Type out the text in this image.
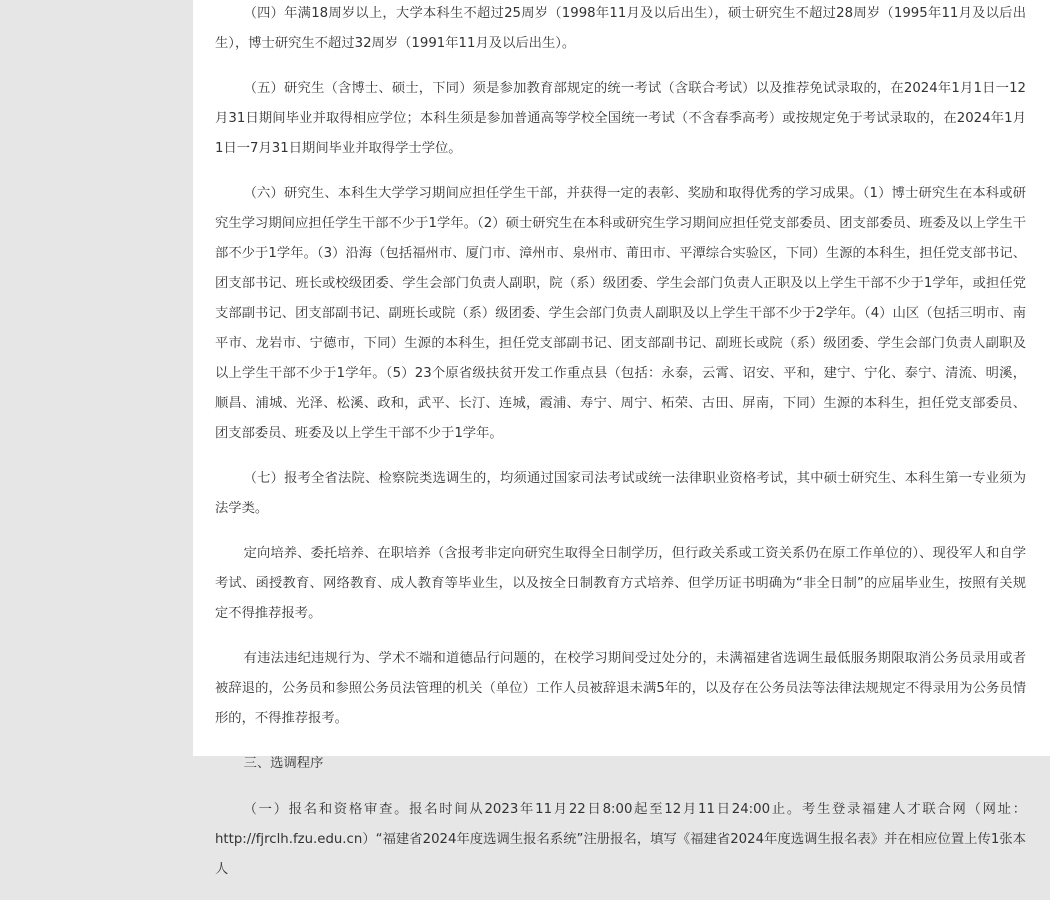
（四）年满18周岁以上，大学本科生不超过25周岁（1998年11月及以后出生），硕士研究生不超过28周岁（1995年11月及以后出生），博士研究生不超过32周岁（1991年11月及以后出生）。

（五）研究生（含博士、硕士，下同）须是参加教育部规定的统一考试（含联合考试）以及推荐免试录取的，在2024年1月1日一12月31日期间毕业并取得相应学位；本科生须是参加普通高等学校全国统一考试（不含春季高考）或按规定免于考试录取的，在2024年1月1日一7月31日期间毕业并取得学士学位。

（六）研究生、本科生大学学习期间应担任学生干部，并获得一定的表彰、奖励和取得优秀的学习成果。（1）博士研究生在本科或研究生学习期间应担任学生干部不少于1学年。（2）硕士研究生在本科或研究生学习期间应担任党支部委员、团支部委员、班委及以上学生干部不少于1学年。（3）沿海（包括福州市、厦门市、漳州市、泉州市、莆田市、平潭综合实验区，下同）生源的本科生，担任党支部书记、团支部书记、班长或校级团委、学生会部门负责人副职，院（系）级团委、学生会部门负责人正职及以上学生干部不少于1学年，或担任党支部副书记、团支部副书记、副班长或院（系）级团委、学生会部门负责人副职及以上学生干部不少于2学年。（4）山区（包括三明市、南平市、龙岩市、宁德市，下同）生源的本科生，担任党支部副书记、团支部副书记、副班长或院（系）级团委、学生会部门负责人副职及以上学生干部不少于1学年。（5）23个原省级扶贫开发工作重点县（包括：永泰，云霄、诏安、平和，建宁、宁化、泰宁、清流、明溪，顺昌、浦城、光泽、松溪、政和，武平、长汀、连城，霞浦、寿宁、周宁、柘荣、古田、屏南，下同）生源的本科生，担任党支部委员、团支部委员、班委及以上学生干部不少于1学年。

（七）报考全省法院、检察院类选调生的，均须通过国家司法考试或统一法律职业资格考试，其中硕士研究生、本科生第一专业须为法学类。

定向培养、委托培养、在职培养（含报考非定向研究生取得全日制学历，但行政关系或工资关系仍在原工作单位的）、现役军人和自学考试、函授教育、网络教育、成人教育等毕业生，以及按全日制教育方式培养、但学历证书明确为“非全日制”的应届毕业生，按照有关规定不得推荐报考。

有违法违纪违规行为、学术不端和道德品行问题的，在校学习期间受过处分的，未满福建省选调生最低服务期限取消公务员录用或者被辞退的，公务员和参照公务员法管理的机关（单位）工作人员被辞退未满5年的，以及存在公务员法等法律法规规定不得录用为公务员情形的，不得推荐报考。

三、选调程序

（一）报名和资格审查。报名时间从2023年11月22日8:00起至12月11日24:00止。考生登录福建人才联合网（网址：http://fjrclh.fzu.edu.cn）“福建省2024年度选调生报名系统”注册报名，填写《福建省2024年度选调生报名表》并在相应位置上传1张本人
